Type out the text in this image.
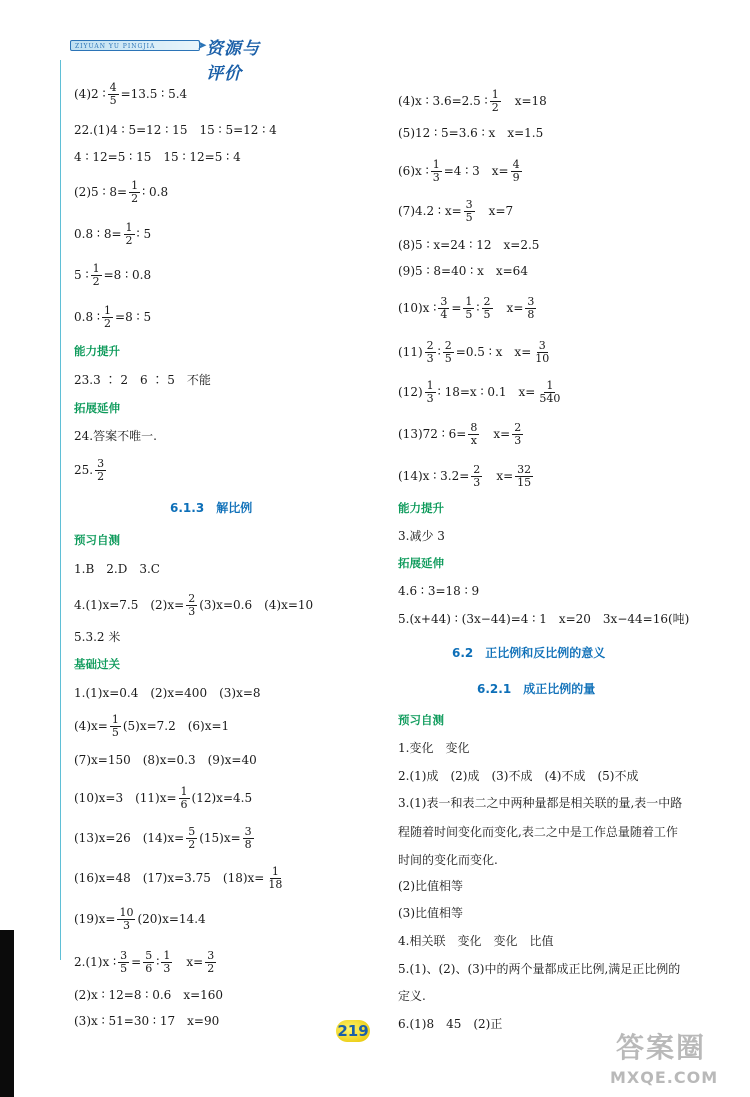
ZIYUAN YU PINGJIA	➤
资源与评价
(4)2 ∶ $\frac{4}{5} =13.5$ ∶ 5.4
22.(1)4 ∶ 5=12 ∶ 15　15 ∶ 5=12 ∶ 4
4 ∶ 12=5 ∶ 15　15 ∶ 12=5 ∶ 4
(2)5 ∶ $8= \frac{1}{2}$ ∶ 0.8
0.8 ∶ $8= \frac{1}{2}$ ∶ 5
5 ∶ $\frac{1}{2} =8$ ∶ 0.8
0.8 ∶ $\frac{1}{2} =8$ ∶ 5
能力提升
23.3 ∶ 2　6 ∶ 5　不能
拓展延伸
24.答案不唯一.
25. $\frac{3}{2}$
6.1.3　 解比例
预习自测
1.B　2.D　3.C
4.(1)x=7.5　$(2)x= \frac{2}{3} (3)x=0.6$　(4)x=10
5.3.2 米
基础过关
1.(1)x=0.4　(2)x=400　(3)x=8
$(4)x= \frac{1}{5} (5)x=7.2$　(6)x=1
(7)x=150　(8)x=0.3　(9)x=40
(10)x=3　$(11)x= \frac{1}{6} (12)x=4.5$
(13)x=26　$(14)x= \frac{5}{2} (15)x= \frac{3}{8}$
(16)x=48　(17)x=3.75　$(18)x= \frac{1}{18}$
$(19)x= \frac{10}{3} (20)x=14.4$
2.(1)x ∶ $\frac{3}{5} = \frac{5}{6}$ ∶ $\frac{1}{3}$
　 $x= \frac{3}{2}$
(2)x ∶ 12=8 ∶ 0.6　x=160
(3)x ∶ 51=30 ∶ 17　x=90
(4)x ∶ 3.6=2.5 ∶ $\frac{1}{2}$
　 x=18
(5)12 ∶ 5=3.6 ∶ x　x=1.5
(6)x ∶ $\frac{1}{3} =4$ ∶ 3　$x= \frac{4}{9}$
(7)4.2 ∶ $x= \frac{3}{5}$
　 x=7
(8)5 ∶ x=24 ∶ 12　x=2.5
(9)5 ∶ 8=40 ∶ x　x=64
(10)x ∶ $\frac{3}{4} = \frac{1}{5}$ ∶ $\frac{2}{5}$
　 $x= \frac{3}{8}$
$(11) \frac{2}{3}$ ∶ $\frac{2}{5} =0.5$ ∶ x　$x= \frac{3}{10}$
$(12) \frac{1}{3}$ ∶ 18=x ∶ 0.1　$x= \frac{1}{540}$
(13)72 ∶ $6= \frac{8}{x}$
　 $x= \frac{2}{3}$
(14)x ∶ $3.2= \frac{2}{3}$
　 $x= \frac{32}{15}$
能力提升
3.减少 3
拓展延伸
4.6 ∶ 3=18 ∶ 9
5.(x+44) ∶ (3x−44)=4 ∶ 1　x=20　3x−44=16(吨)
6.2　 正比例和反比例的意义
6.2.1　 成正比例的量
预习自测
1.变化　变化
2.(1)成　(2)成　(3)不成　(4)不成　(5)不成
3.(1)表一和表二之中两种量都是相关联的量,表一中路
程随着时间变化而变化,表二之中是工作总量随着工作
时间的变化而变化.
(2)比值相等
(3)比值相等
4.相关联　变化　变化　比值
5.(1)、(2)、(3)中的两个量都成正比例,满足正比例的
定义.
6.(1)8　45　(2)正
219	答案圈
MXQE.COM
